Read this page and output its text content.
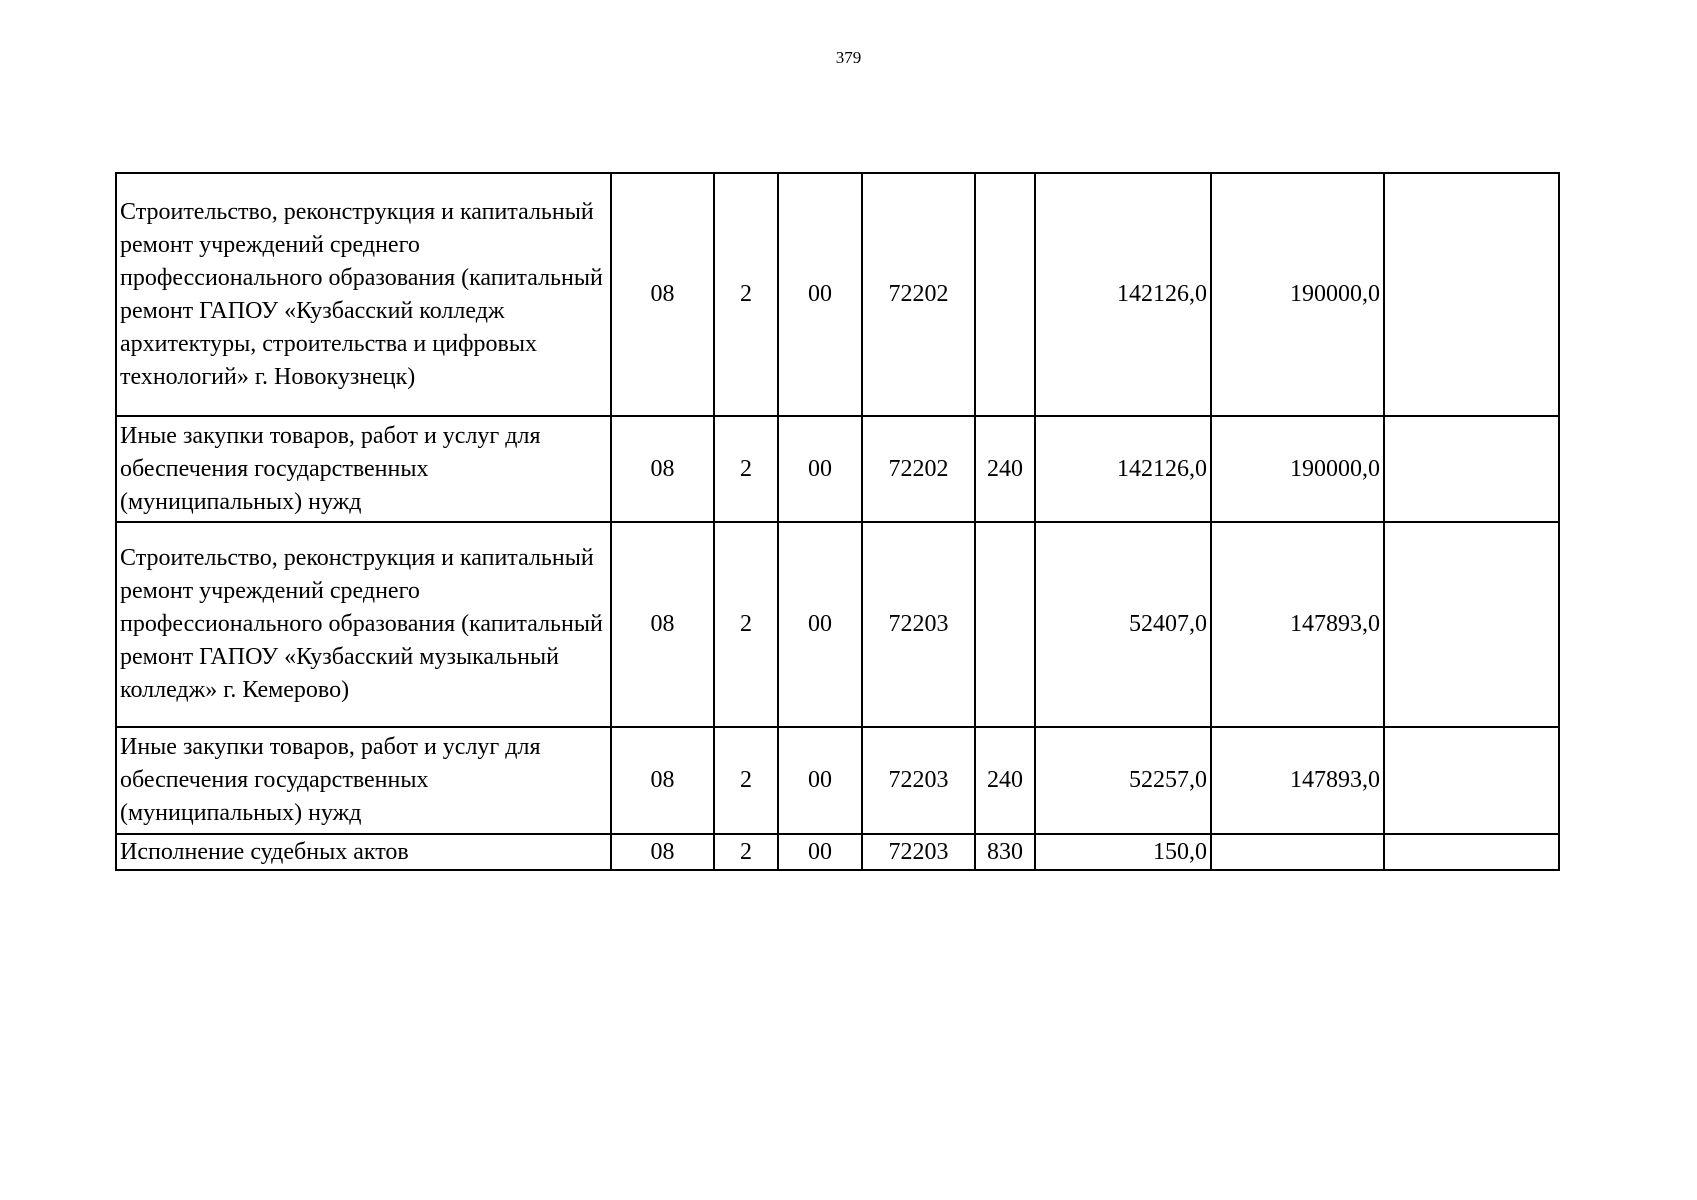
379
Строительство, реконструкция и капитальный ремонт учреждений среднего профессионального образования (капитальный ремонт ГАПОУ «Кузбасский колледж архитектуры, строительства и цифровых технологий» г. Новокузнецк)	08	2	00	72202		142126,0	190000,0	
Иные закупки товаров, работ и услуг для обеспечения государственных (муниципальных) нужд	08	2	00	72202	240	142126,0	190000,0	
Строительство, реконструкция и капитальный ремонт учреждений среднего профессионального образования (капитальный ремонт ГАПОУ «Кузбасский музыкальный колледж» г. Кемерово)	08	2	00	72203		52407,0	147893,0	
Иные закупки товаров, работ и услуг для обеспечения государственных (муниципальных) нужд	08	2	00	72203	240	52257,0	147893,0	
Исполнение судебных актов	08	2	00	72203	830	150,0		
